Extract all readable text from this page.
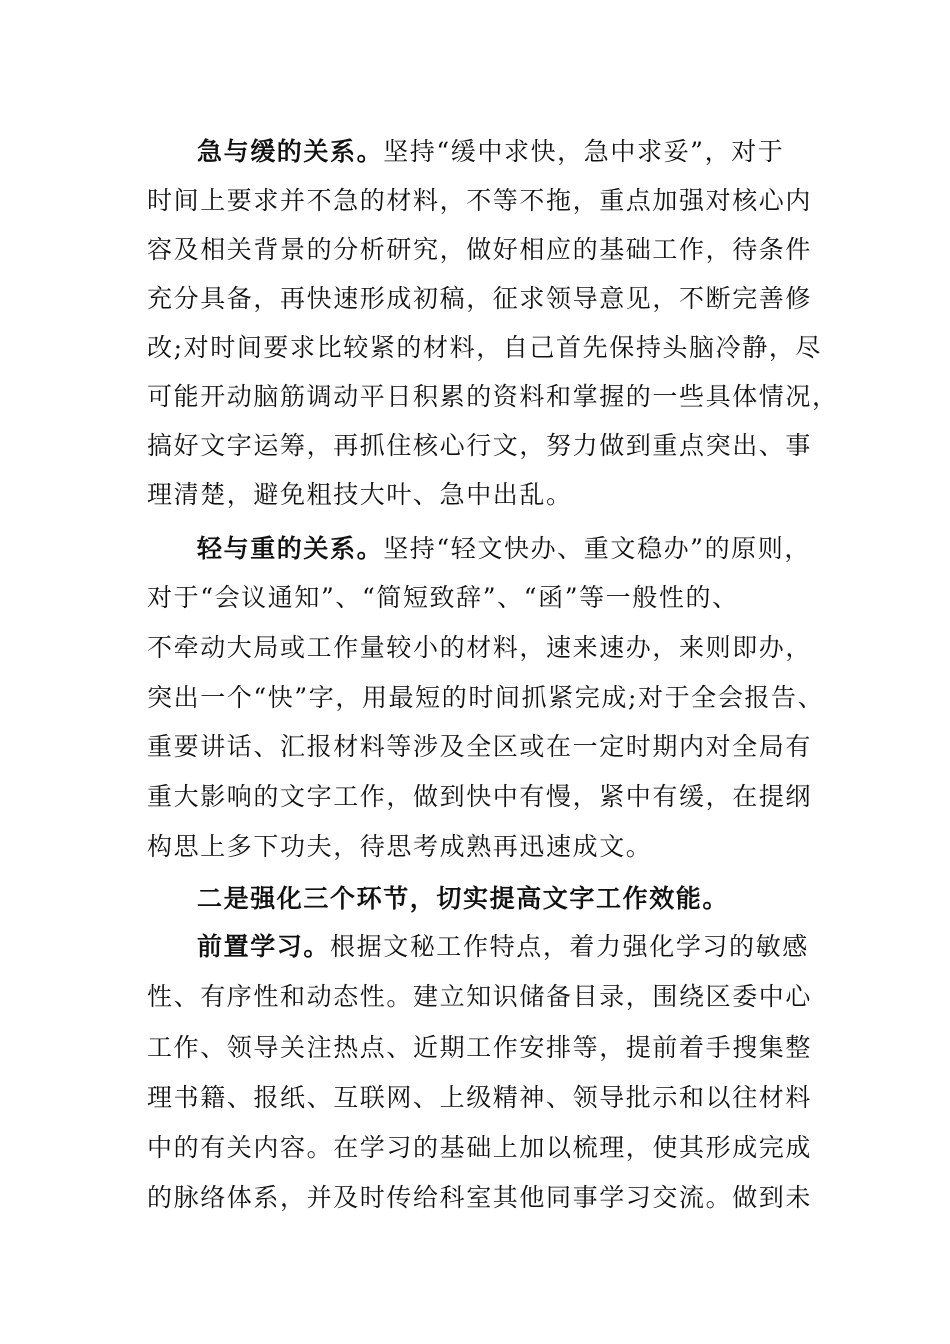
急与缓的关系。坚持“缓中求快，急中求妥”，对于
时间上要求并不急的材料，不等不拖，重点加强对核心内
容及相关背景的分析研究，做好相应的基础工作，待条件
充分具备，再快速形成初稿，征求领导意见，不断完善修
改;对时间要求比较紧的材料，自己首先保持头脑冷静，尽
可能开动脑筋调动平日积累的资料和掌握的一些具体情况，
搞好文字运筹，再抓住核心行文，努力做到重点突出、事
理清楚，避免粗技大叶、急中出乱。
轻与重的关系。坚持“轻文快办、重文稳办”的原则，
对于“会议通知”、“简短致辞”、“函”等一般性的、
不牵动大局或工作量较小的材料，速来速办，来则即办，
突出一个“快”字，用最短的时间抓紧完成;对于全会报告、
重要讲话、汇报材料等涉及全区或在一定时期内对全局有
重大影响的文字工作，做到快中有慢，紧中有缓，在提纲
构思上多下功夫，待思考成熟再迅速成文。
二是强化三个环节，切实提高文字工作效能。
前置学习。根据文秘工作特点，着力强化学习的敏感
性、有序性和动态性。建立知识储备目录，围绕区委中心
工作、领导关注热点、近期工作安排等，提前着手搜集整
理书籍、报纸、互联网、上级精神、领导批示和以往材料
中的有关内容。在学习的基础上加以梳理，使其形成完成
的脉络体系，并及时传给科室其他同事学习交流。做到未
